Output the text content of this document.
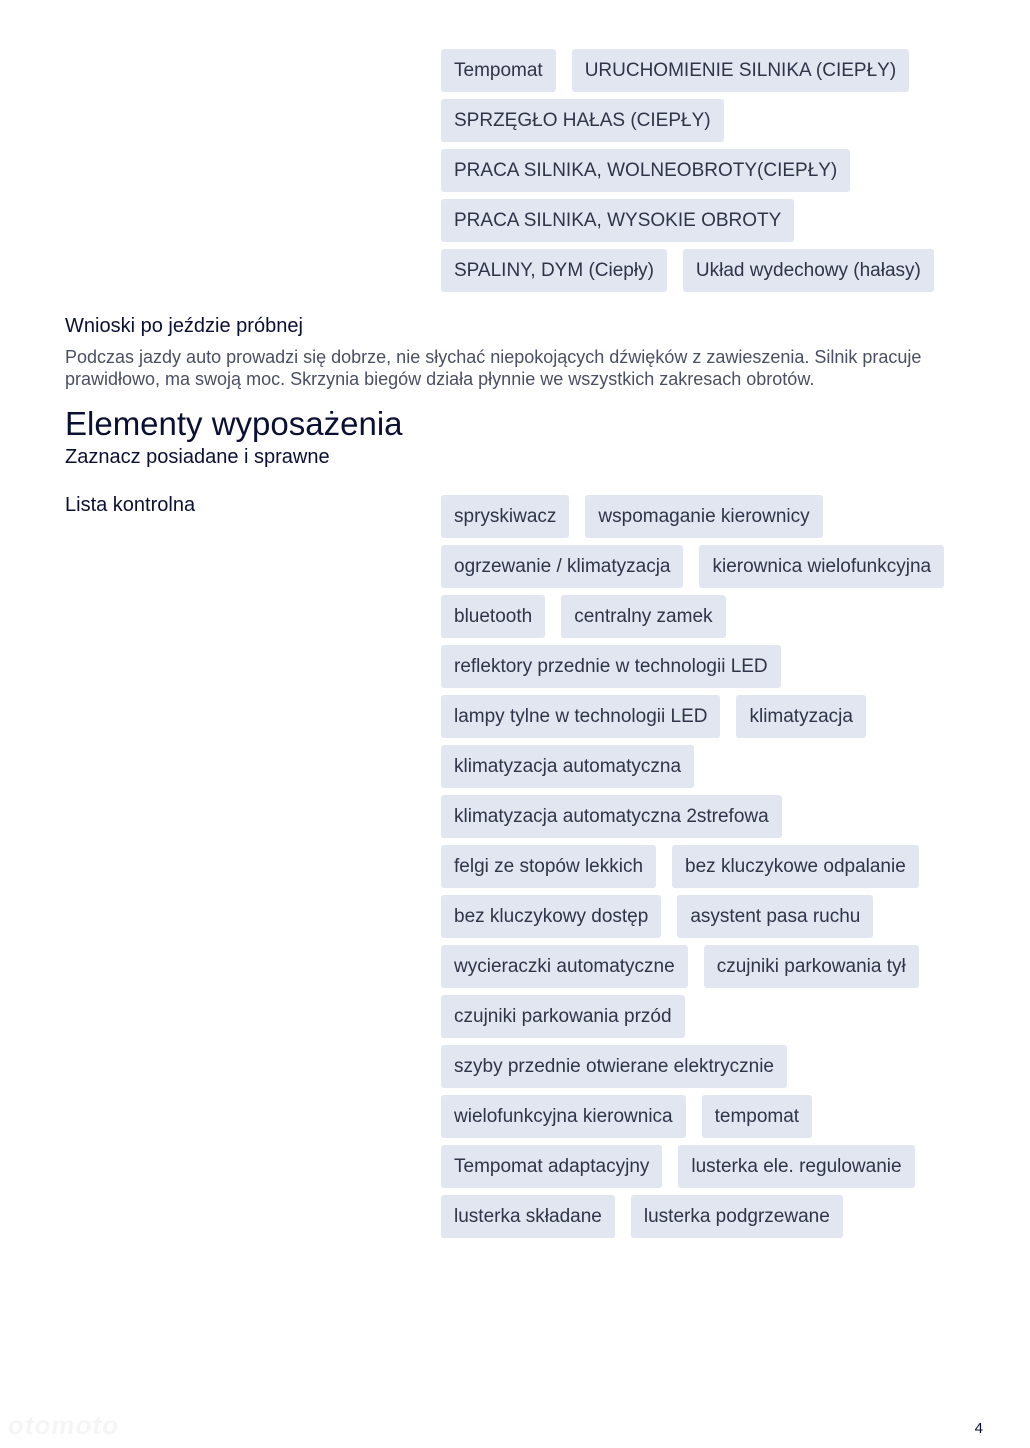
Tempomat	URUCHOMIENIE SILNIKA (CIEPŁY)
SPRZĘGŁO HAŁAS (CIEPŁY)
PRACA SILNIKA, WOLNEOBROTY(CIEPŁY)
PRACA SILNIKA, WYSOKIE OBROTY
SPALINY, DYM (Ciepły)	Układ wydechowy (hałasy)
Wnioski po jeździe próbnej
Podczas jazdy auto prowadzi się dobrze, nie słychać niepokojących dźwięków z zawieszenia. Silnik pracuje prawidłowo, ma swoją moc. Skrzynia biegów działa płynnie we wszystkich zakresach obrotów.
Elementy wyposażenia
Zaznacz posiadane i sprawne
Lista kontrolna
spryskiwacz	wspomaganie kierownicy
ogrzewanie / klimatyzacja	kierownica wielofunkcyjna
bluetooth	centralny zamek
reflektory przednie w technologii LED
lampy tylne w technologii LED	klimatyzacja
klimatyzacja automatyczna
klimatyzacja automatyczna 2strefowa
felgi ze stopów lekkich	bez kluczykowe odpalanie
bez kluczykowy dostęp	asystent pasa ruchu
wycieraczki automatyczne	czujniki parkowania tył
czujniki parkowania przód
szyby przednie otwierane elektrycznie
wielofunkcyjna kierownica	tempomat
Tempomat adaptacyjny	lusterka ele. regulowanie
lusterka składane	lusterka podgrzewane
4
